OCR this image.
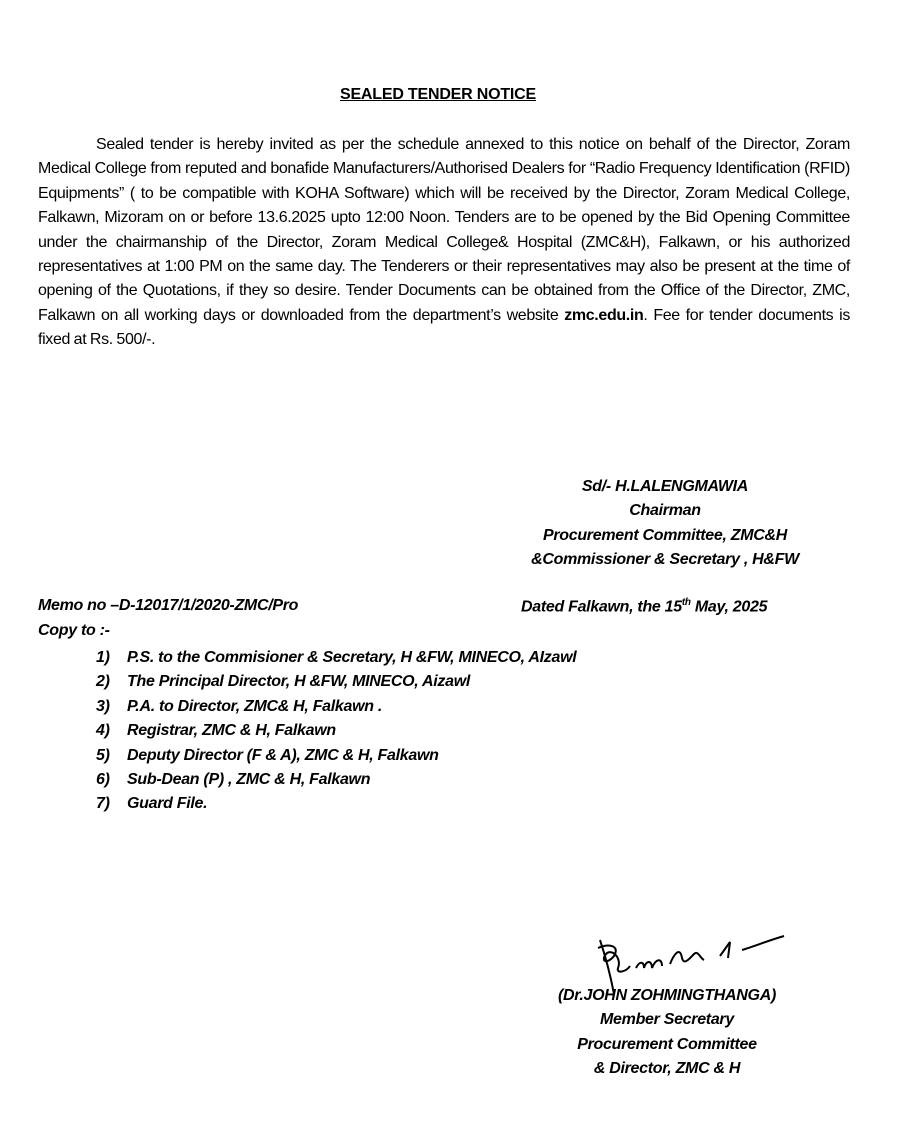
SEALED TENDER NOTICE
Sealed tender is hereby invited as per the schedule annexed to this notice on behalf of the Director, Zoram Medical College from reputed and bonafide Manufacturers/Authorised Dealers for “Radio Frequency Identification (RFID) Equipments” ( to be compatible with KOHA Software) which will be received by the Director, Zoram Medical College, Falkawn, Mizoram on or before 13.6.2025 upto 12:00 Noon. Tenders are to be opened by the Bid Opening Committee under the chairmanship of the Director, Zoram Medical College& Hospital (ZMC&H), Falkawn, or his authorized representatives at 1:00 PM on the same day. The Tenderers or their representatives may also be present at the time of opening of the Quotations, if they so desire. Tender Documents can be obtained from the Office of the Director, ZMC, Falkawn on all working days or downloaded from the department’s website zmc.edu.in. Fee for tender documents is fixed at Rs. 500/-.
Sd/- H.LALENGMAWIA
Chairman
Procurement Committee, ZMC&H
&Commissioner & Secretary , H&FW
Memo no –D-12017/1/2020-ZMC/Pro	Dated Falkawn, the 15th May, 2025
Copy to :-
1)	P.S. to the Commisioner & Secretary, H &FW, MINECO, AIzawl
2)	The Principal Director, H &FW, MINECO, Aizawl
3)	P.A. to Director, ZMC& H, Falkawn .
4)	Registrar, ZMC & H, Falkawn
5)	Deputy Director (F & A), ZMC & H, Falkawn
6)	Sub-Dean (P) , ZMC & H, Falkawn
7)	Guard File.
(Dr.JOHN ZOHMINGTHANGA)
Member Secretary
Procurement Committee
& Director, ZMC & H
